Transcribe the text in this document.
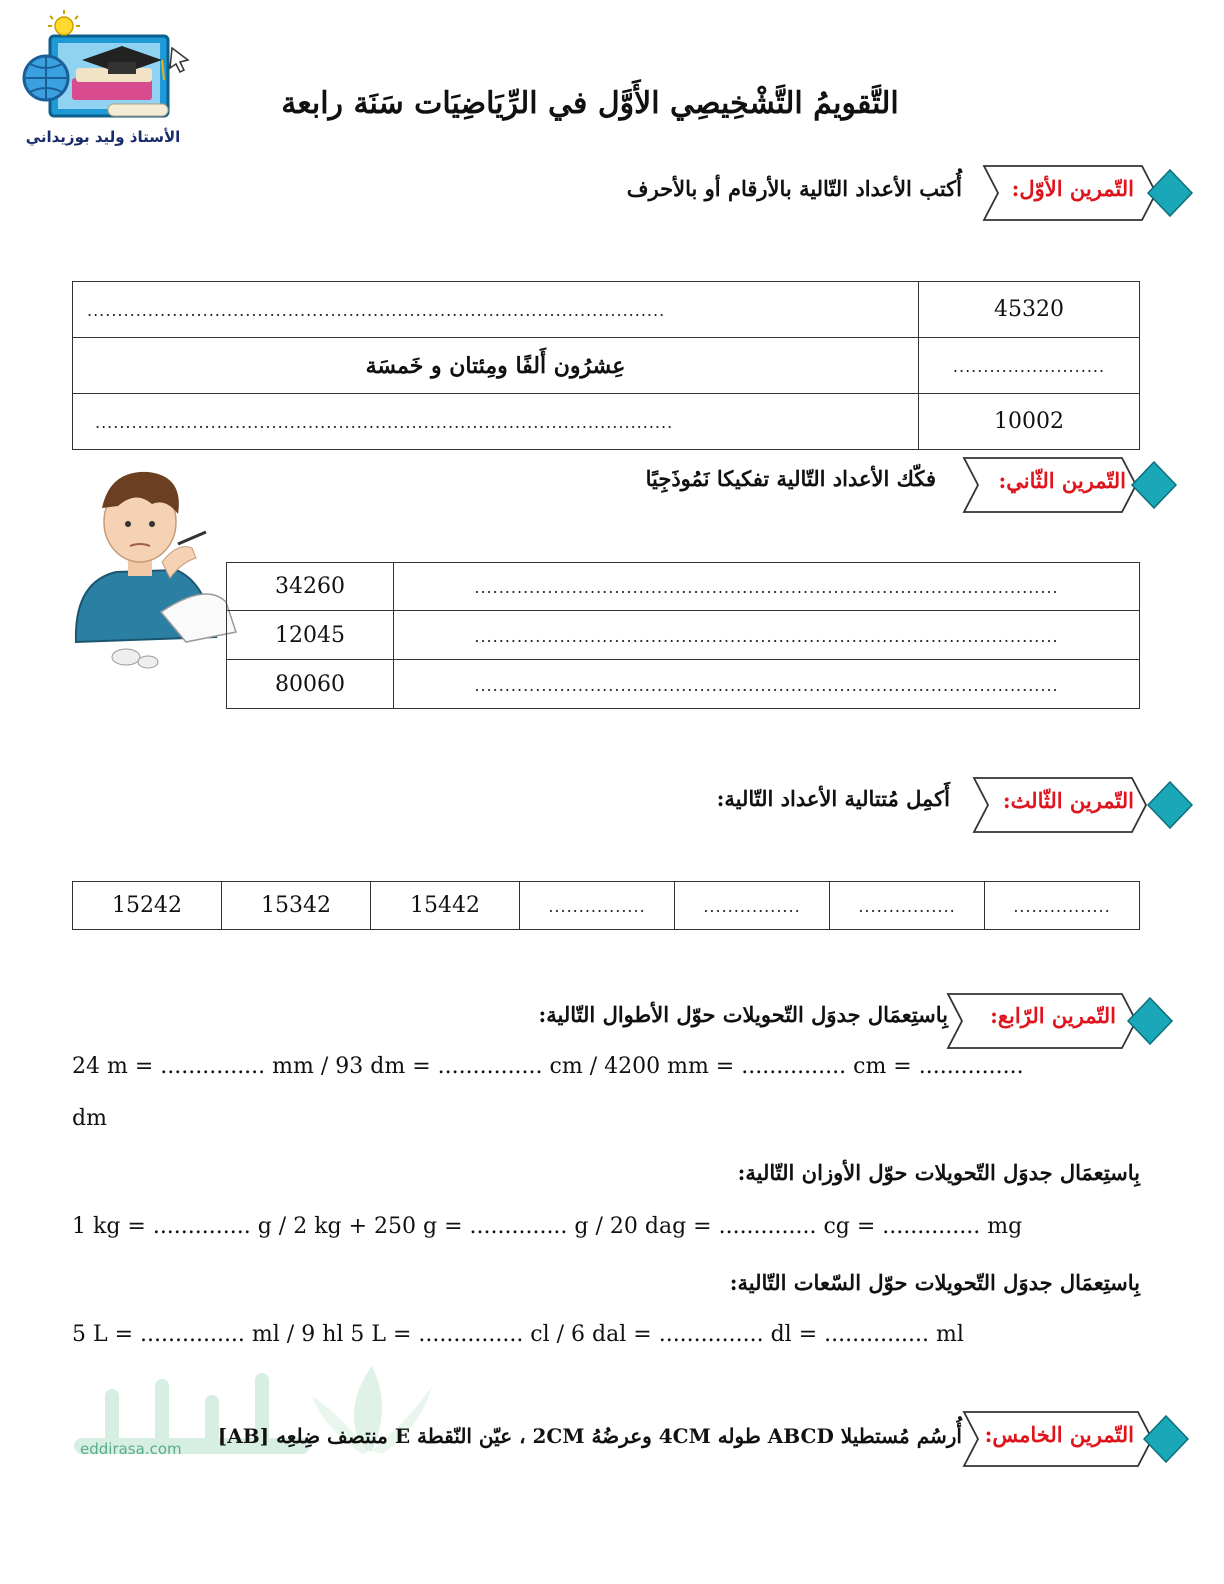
الأستاذ وليد بوزيداني
التَّقويمُ التَّشْخِيصِي الأَوَّل في الرِّيَاضِيَات سَنَة رابعة
التّمرين الأوّل:
أُكتب الأعداد التّالية بالأرقام أو بالأحرف
...............................................................................................	45320
عِشرُون أَلفًا ومِئتان و خَمسَة	.........................
...............................................................................................	10002
التّمرين الثّاني:
فكّك الأعداد التّالية تفكيكا نَمُوذَجِيًا
34260	................................................................................................
12045	................................................................................................
80060	................................................................................................
التّمرين الثّالث:
أَكمِل مُتتالية الأعداد التّالية:
15242	15342	15442	................	................	................	................
التّمرين الرّابع:
بِاستِعمَال جدوَل التّحويلات حوّل الأطوال التّالية:
24 m = ............... mm / 93 dm = ............... cm / 4200 mm = ............... cm = ...............
dm
بِاستِعمَال جدوَل التّحويلات حوّل الأوزان التّالية:
1 kg = .............. g / 2 kg + 250 g = .............. g / 20 dag = .............. cg = .............. mg
بِاستِعمَال جدوَل التّحويلات حوّل السّعات التّالية:
5 L = ............... ml / 9 hl 5 L = ............... cl / 6 dal = ............... dl = ............... ml
eddirasa.com
التّمرين الخامس:
أُرسُم مُستطيلا ABCD طوله 4CM وعرضُهُ 2CM ، عيّن النّقطة E منتصف ضِلعِه [AB]
